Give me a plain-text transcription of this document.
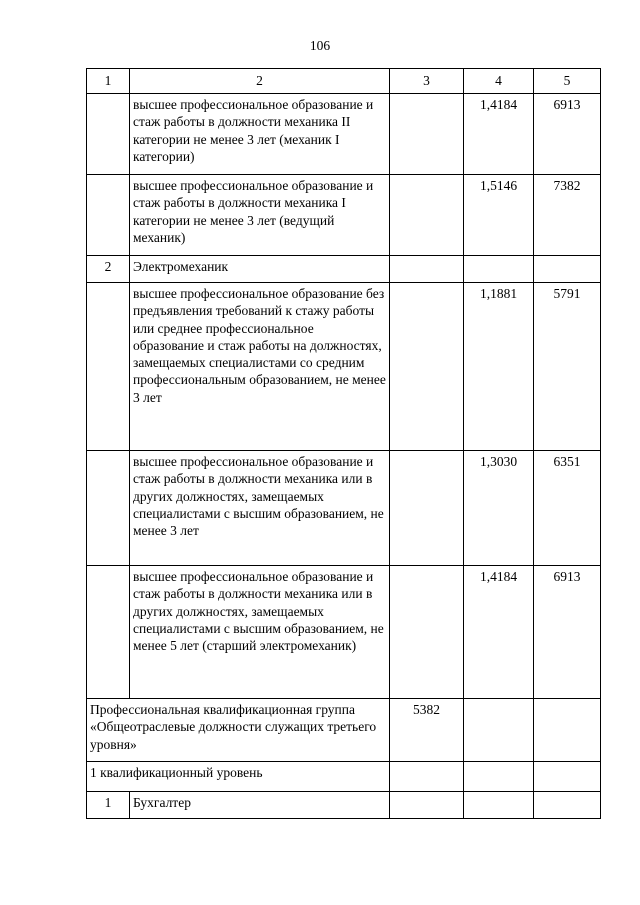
106
1	2	3	4	5
	высшее профессиональное образование и стаж работы в должности механика II категории не менее 3 лет (механик I категории)		1,4184	6913
	высшее профессиональное образование и стаж работы в должности механика I категории не менее 3 лет (ведущий механик)		1,5146	7382
2	Электромеханик			
	высшее профессиональное образование без предъявления требований к стажу работы или среднее профессиональное образование и стаж работы на должностях, замещаемых специалистами со средним профессиональным образованием, не менее 3 лет		1,1881	5791
	высшее профессиональное образование и стаж работы в должности механика или в других должностях, замещаемых специалистами с высшим образованием, не менее 3 лет		1,3030	6351
	высшее профессиональное образование и стаж работы в должности механика или в других должностях, замещаемых специалистами с высшим образованием, не менее 5 лет (старший электромеханик)		1,4184	6913
Профессиональная квалификационная группа «Общеотраслевые должности служащих третьего уровня»		5382		
1 квалификационный уровень				
1	Бухгалтер			
